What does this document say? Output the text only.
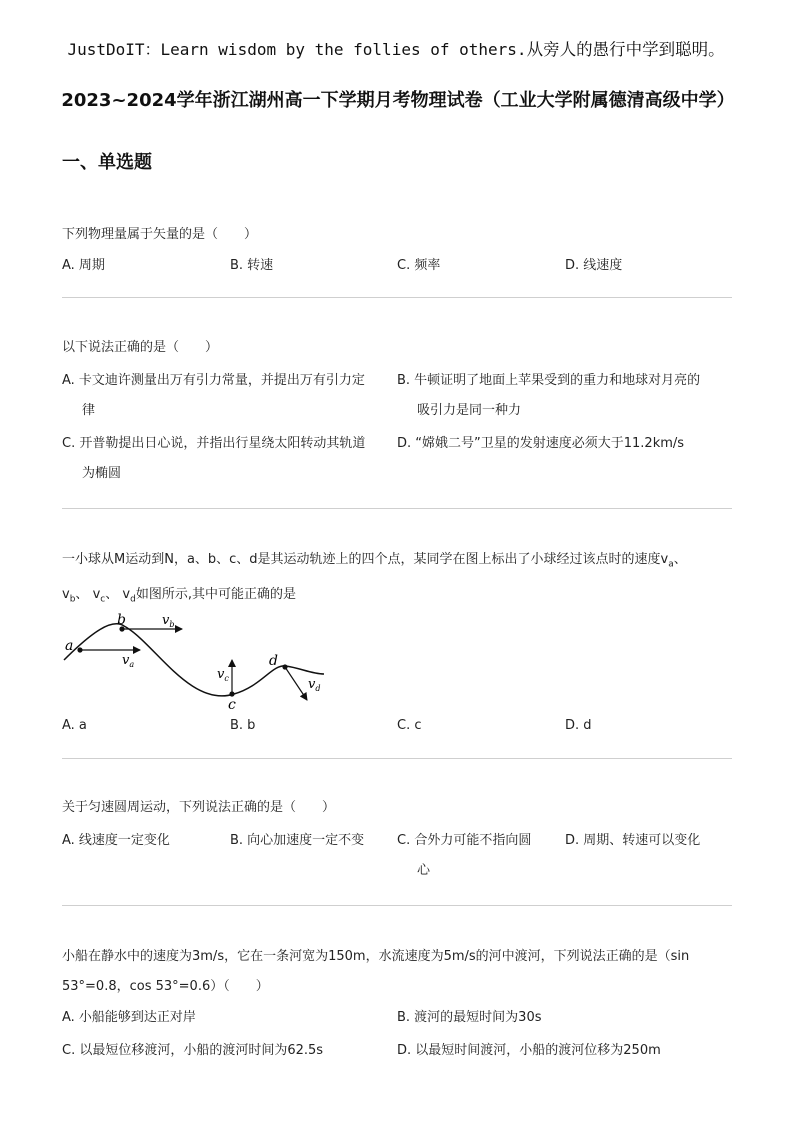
JustDoIT：Learn wisdom by the follies of others.从旁人的愚行中学到聪明。
2023~2024学年浙江湖州高一下学期月考物理试卷（工业大学附属德清高级中学）
一、单选题
下列物理量属于矢量的是（　　）
A. 周期	B. 转速	C. 频率	D. 线速度
以下说法正确的是（　　）
A. 卡文迪许测量出万有引力常量，并提出万有引力定
律
B. 牛顿证明了地面上苹果受到的重力和地球对月亮的
吸引力是同一种力
C. 开普勒提出日心说，并指出行星绕太阳转动其轨道
为椭圆
D. “嫦娥二号”卫星的发射速度必须大于11.2km/s
一小球从M运动到N，a、b、c、d是其运动轨迹上的四个点，某同学在图上标出了小球经过该点时的速度$v_a$、
$v_b$、 $v_c$、 $v_d$如图所示,其中可能正确的是
a
b
c
d
$v_a$
$v_b$
$v_c$	$v_d$
A. a	B. b	C. c	D. d
关于匀速圆周运动，下列说法正确的是（　　）
A. 线速度一定变化	B. 向心加速度一定不变	C. 合外力可能不指向圆
心
D. 周期、转速可以变化
小船在静水中的速度为3m/s，它在一条河宽为150m，水流速度为5m/s的河中渡河，下列说法正确的是（sin
53°=0.8，cos 53°=0.6）（　　）
A. 小船能够到达正对岸	B. 渡河的最短时间为30s
C. 以最短位移渡河，小船的渡河时间为62.5s	D. 以最短时间渡河，小船的渡河位移为250m
